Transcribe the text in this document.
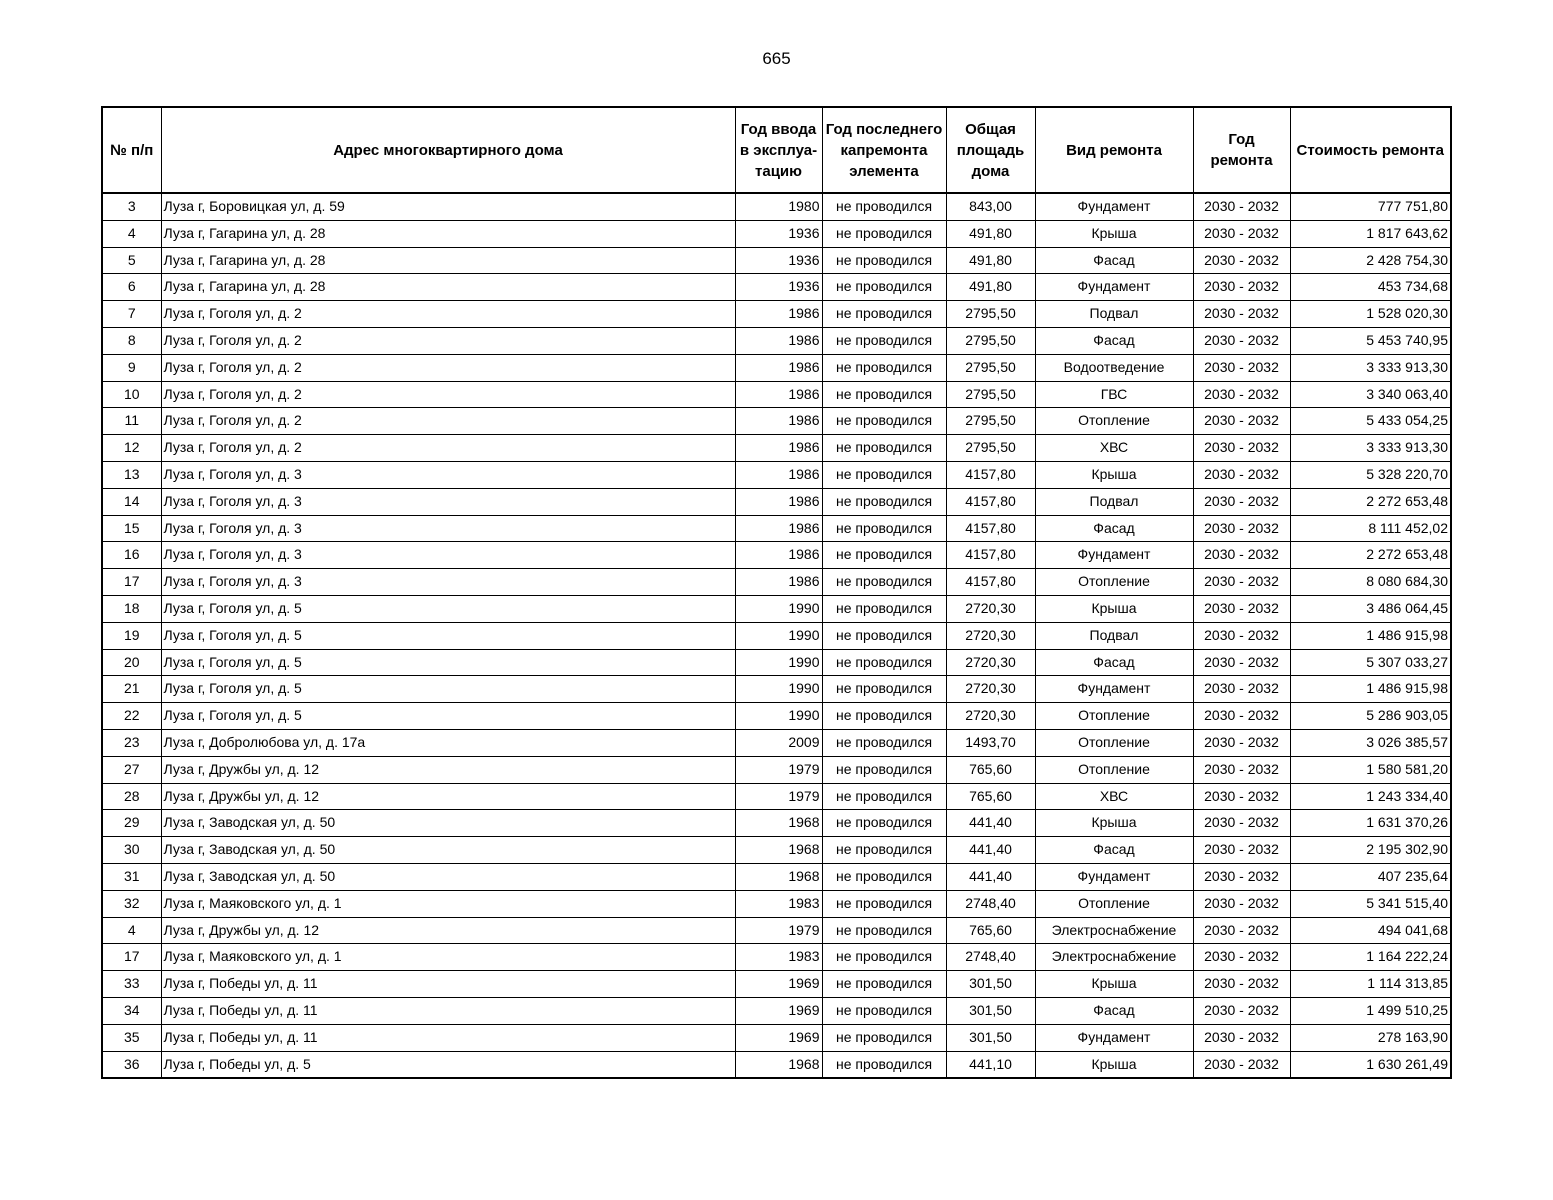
665
№ п/п	Адрес многоквартирного дома	Год ввода в эксплуа-тацию	Год последнего капремонта элемента	Общая площадь дома	Вид ремонта	Год ремонта	Стоимость ремонта
3	Луза г, Боровицкая ул, д. 59	1980	не проводился	843,00	Фундамент	2030 - 2032	777 751,80
4	Луза г, Гагарина ул, д. 28	1936	не проводился	491,80	Крыша	2030 - 2032	1 817 643,62
5	Луза г, Гагарина ул, д. 28	1936	не проводился	491,80	Фасад	2030 - 2032	2 428 754,30
6	Луза г, Гагарина ул, д. 28	1936	не проводился	491,80	Фундамент	2030 - 2032	453 734,68
7	Луза г, Гоголя ул, д. 2	1986	не проводился	2795,50	Подвал	2030 - 2032	1 528 020,30
8	Луза г, Гоголя ул, д. 2	1986	не проводился	2795,50	Фасад	2030 - 2032	5 453 740,95
9	Луза г, Гоголя ул, д. 2	1986	не проводился	2795,50	Водоотведение	2030 - 2032	3 333 913,30
10	Луза г, Гоголя ул, д. 2	1986	не проводился	2795,50	ГВС	2030 - 2032	3 340 063,40
11	Луза г, Гоголя ул, д. 2	1986	не проводился	2795,50	Отопление	2030 - 2032	5 433 054,25
12	Луза г, Гоголя ул, д. 2	1986	не проводился	2795,50	ХВС	2030 - 2032	3 333 913,30
13	Луза г, Гоголя ул, д. 3	1986	не проводился	4157,80	Крыша	2030 - 2032	5 328 220,70
14	Луза г, Гоголя ул, д. 3	1986	не проводился	4157,80	Подвал	2030 - 2032	2 272 653,48
15	Луза г, Гоголя ул, д. 3	1986	не проводился	4157,80	Фасад	2030 - 2032	8 111 452,02
16	Луза г, Гоголя ул, д. 3	1986	не проводился	4157,80	Фундамент	2030 - 2032	2 272 653,48
17	Луза г, Гоголя ул, д. 3	1986	не проводился	4157,80	Отопление	2030 - 2032	8 080 684,30
18	Луза г, Гоголя ул, д. 5	1990	не проводился	2720,30	Крыша	2030 - 2032	3 486 064,45
19	Луза г, Гоголя ул, д. 5	1990	не проводился	2720,30	Подвал	2030 - 2032	1 486 915,98
20	Луза г, Гоголя ул, д. 5	1990	не проводился	2720,30	Фасад	2030 - 2032	5 307 033,27
21	Луза г, Гоголя ул, д. 5	1990	не проводился	2720,30	Фундамент	2030 - 2032	1 486 915,98
22	Луза г, Гоголя ул, д. 5	1990	не проводился	2720,30	Отопление	2030 - 2032	5 286 903,05
23	Луза г, Добролюбова ул, д. 17а	2009	не проводился	1493,70	Отопление	2030 - 2032	3 026 385,57
27	Луза г, Дружбы ул, д. 12	1979	не проводился	765,60	Отопление	2030 - 2032	1 580 581,20
28	Луза г, Дружбы ул, д. 12	1979	не проводился	765,60	ХВС	2030 - 2032	1 243 334,40
29	Луза г, Заводская ул, д. 50	1968	не проводился	441,40	Крыша	2030 - 2032	1 631 370,26
30	Луза г, Заводская ул, д. 50	1968	не проводился	441,40	Фасад	2030 - 2032	2 195 302,90
31	Луза г, Заводская ул, д. 50	1968	не проводился	441,40	Фундамент	2030 - 2032	407 235,64
32	Луза г, Маяковского ул, д. 1	1983	не проводился	2748,40	Отопление	2030 - 2032	5 341 515,40
4	Луза г, Дружбы ул, д. 12	1979	не проводился	765,60	Электроснабжение	2030 - 2032	494 041,68
17	Луза г, Маяковского ул, д. 1	1983	не проводился	2748,40	Электроснабжение	2030 - 2032	1 164 222,24
33	Луза г, Победы ул, д. 11	1969	не проводился	301,50	Крыша	2030 - 2032	1 114 313,85
34	Луза г, Победы ул, д. 11	1969	не проводился	301,50	Фасад	2030 - 2032	1 499 510,25
35	Луза г, Победы ул, д. 11	1969	не проводился	301,50	Фундамент	2030 - 2032	278 163,90
36	Луза г, Победы ул, д. 5	1968	не проводился	441,10	Крыша	2030 - 2032	1 630 261,49
